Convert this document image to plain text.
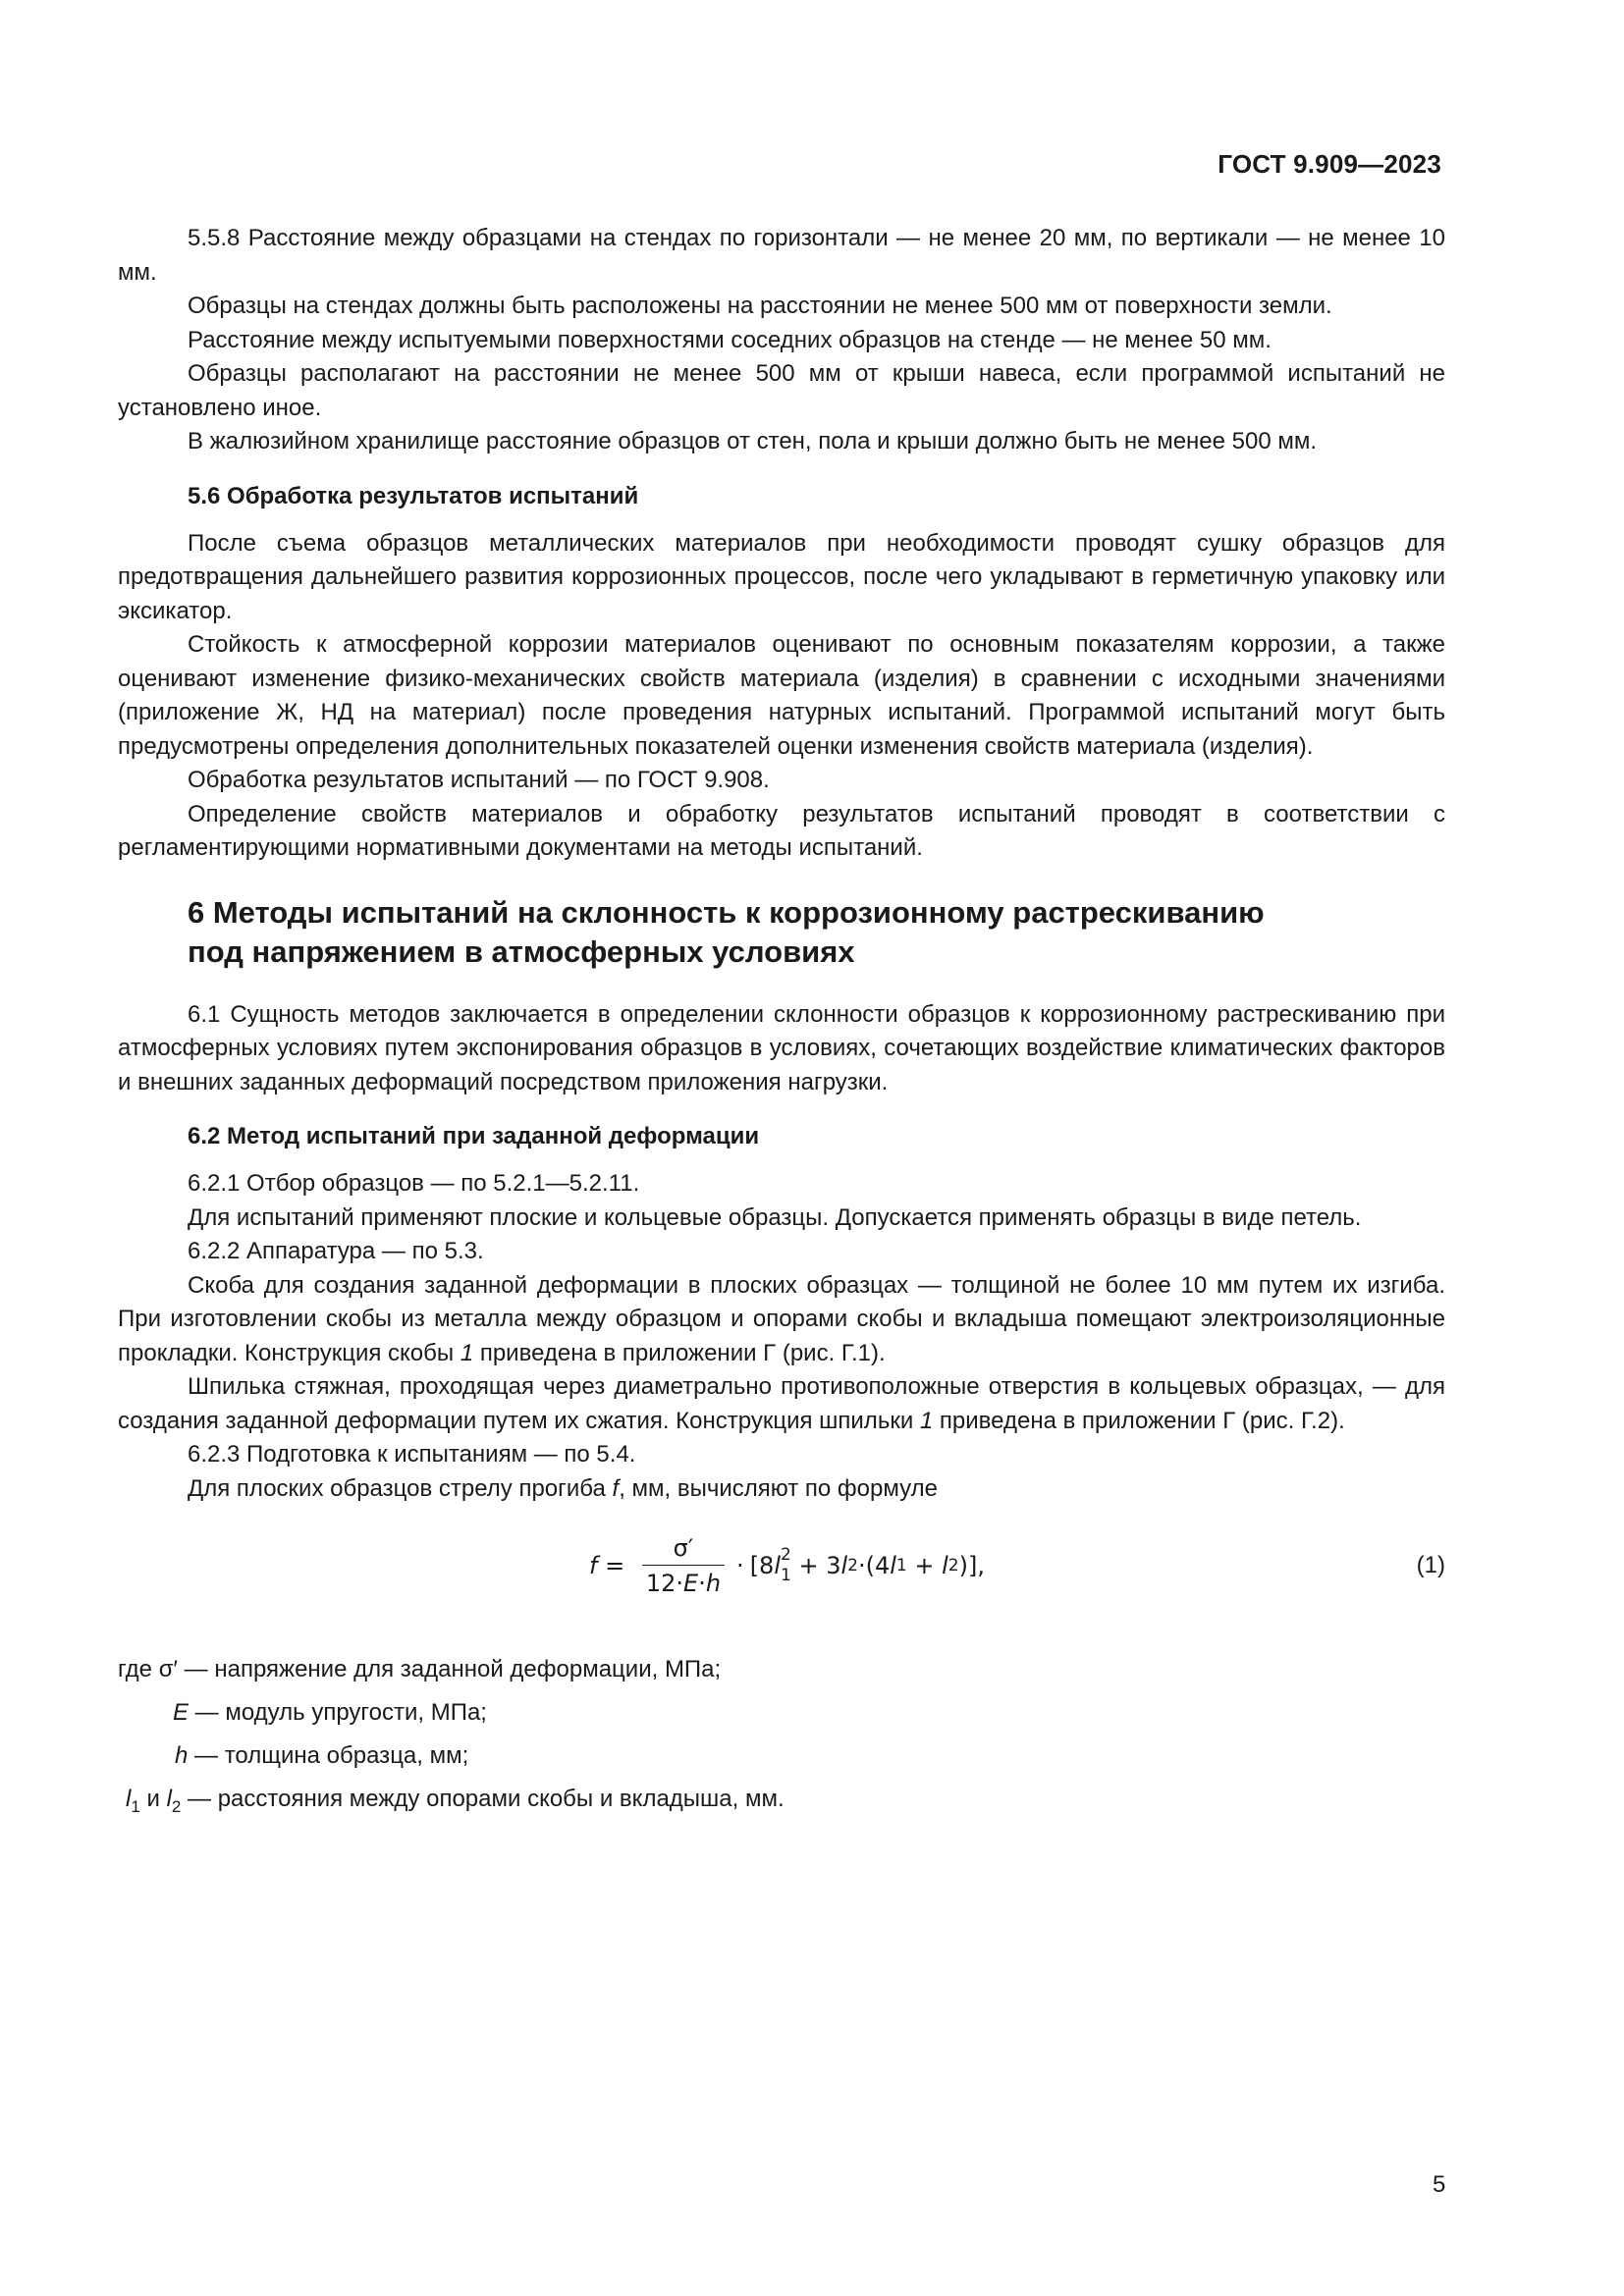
ГОСТ 9.909—2023

5.5.8 Расстояние между образцами на стендах по горизонтали — не менее 20 мм, по вертикали — не менее 10 мм.

Образцы на стендах должны быть расположены на расстоянии не менее 500 мм от поверхности земли.

Расстояние между испытуемыми поверхностями соседних образцов на стенде — не менее 50 мм.

Образцы располагают на расстоянии не менее 500 мм от крыши навеса, если программой испытаний не установлено иное.

В жалюзийном хранилище расстояние образцов от стен, пола и крыши должно быть не менее 500 мм.

5.6 Обработка результатов испытаний

После съема образцов металлических материалов при необходимости проводят сушку образцов для предотвращения дальнейшего развития коррозионных процессов, после чего укладывают в герметичную упаковку или эксикатор.

Стойкость к атмосферной коррозии материалов оценивают по основным показателям коррозии, а также оценивают изменение физико-механических свойств материала (изделия) в сравнении с исходными значениями (приложение Ж, НД на материал) после проведения натурных испытаний. Программой испытаний могут быть предусмотрены определения дополнительных показателей оценки изменения свойств материала (изделия).

Обработка результатов испытаний — по ГОСТ 9.908.

Определение свойств материалов и обработку результатов испытаний проводят в соответствии с регламентирующими нормативными документами на методы испытаний.

6 Методы испытаний на склонность к коррозионному растрескиванию
под напряжением в атмосферных условиях

6.1 Сущность методов заключается в определении склонности образцов к коррозионному растрескиванию при атмосферных условиях путем экспонирования образцов в условиях, сочетающих воздействие климатических факторов и внешних заданных деформаций посредством приложения нагрузки.

6.2 Метод испытаний при заданной деформации

6.2.1 Отбор образцов — по 5.2.1—5.2.11.

Для испытаний применяют плоские и кольцевые образцы. Допускается применять образцы в виде петель.

6.2.2 Аппаратура — по 5.3.

Скоба для создания заданной деформации в плоских образцах — толщиной не более 10 мм путем их изгиба. При изготовлении скобы из металла между образцом и опорами скобы и вкладыша помещают электроизоляционные прокладки. Конструкция скобы 1 приведена в приложении Г (рис. Г.1).

Шпилька стяжная, проходящая через диаметрально противоположные отверстия в кольцевых образцах, — для создания заданной деформации путем их сжатия. Конструкция шпильки 1 приведена в приложении Г (рис. Г.2).

6.2.3 Подготовка к испытаниям — по 5.4.

Для плоских образцов стрелу прогиба f, мм, вычисляют по формуле

$f = \frac{\sigma'}{12\cdot E\cdot h} \cdot [8$ l 2
1 + 3 l 2 · (4 l 1 + l 2 )],	(1)
где σ′ — напряжение для заданной деформации, МПа;
E — модуль упругости, МПа;
h — толщина образца, мм;
$l_1$ и $l_2$ — расстояния между опорами скобы и вкладыша, мм.
5
